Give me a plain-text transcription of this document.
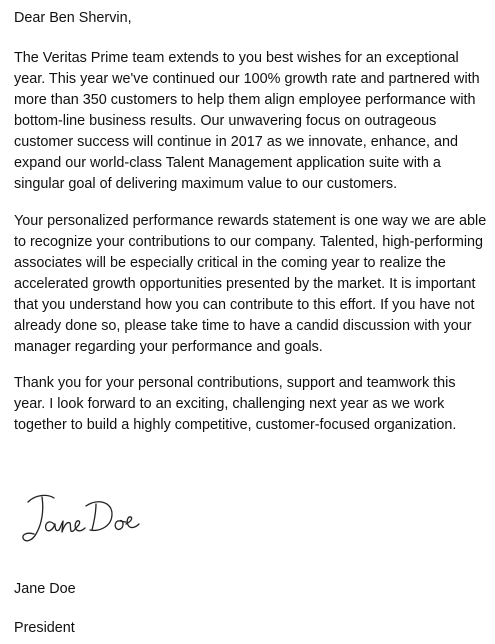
Dear Ben Shervin,

The Veritas Prime team extends to you best wishes for an exceptional
year. This year we've continued our 100% growth rate and partnered with
more than 350 customers to help them align employee performance with
bottom-line business results. Our unwavering focus on outrageous
customer success will continue in 2017 as we innovate, enhance, and
expand our world-class Talent Management application suite with a
singular goal of delivering maximum value to our customers.
Your personalized performance rewards statement is one way we are able
to recognize your contributions to our company. Talented, high-performing
associates will be especially critical in the coming year to realize the
accelerated growth opportunities presented by the market. It is important
that you understand how you can contribute to this effort. If you have not
already done so, please take time to have a candid discussion with your
manager regarding your performance and goals.
Thank you for your personal contributions, support and teamwork this
year. I look forward to an exciting, challenging next year as we work
together to build a highly competitive, customer-focused organization.

Jane Doe

President
